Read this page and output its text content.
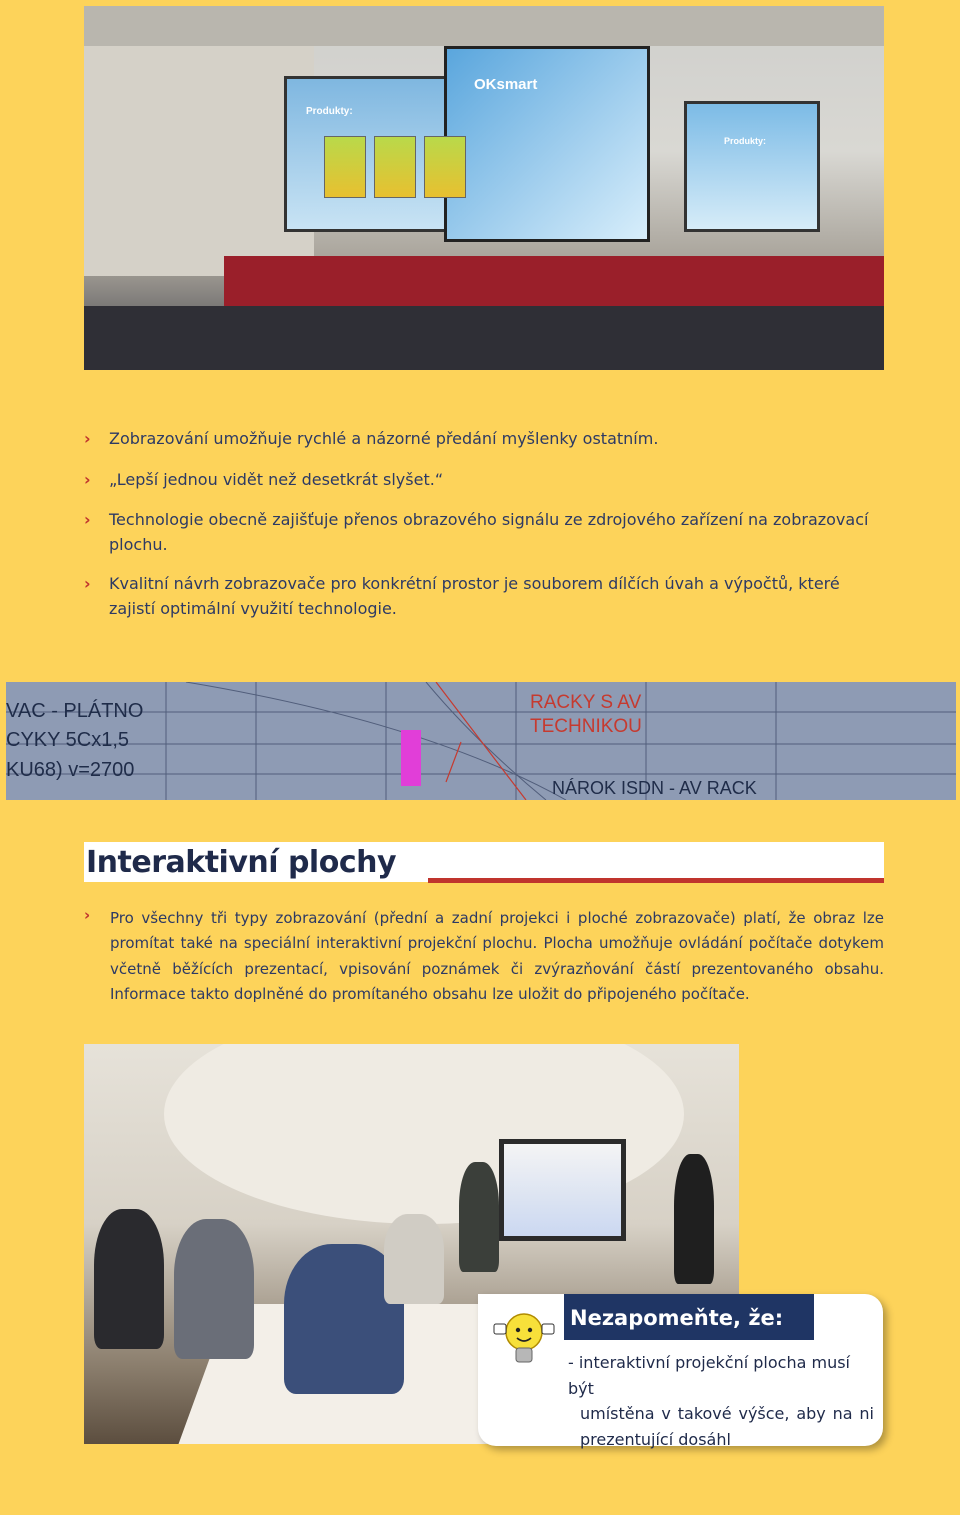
OKsmart
Produkty:
Produkty:
›	Zobrazování umožňuje rychlé a názorné předání myšlenky ostatním.
›	„Lepší jednou vidět než desetkrát slyšet.“
›	Technologie obecně zajišťuje přenos obrazového signálu ze zdrojového zařízení na zobrazovací plochu.
›	Kvalitní návrh zobrazovače pro konkrétní prostor je souborem dílčích úvah a výpočtů, které zajistí optimální využití technologie.
VAC - PLÁTNO
CYKY 5Cx1,5
KU68) v=2700
RACKY S AV
TECHNIKOU
NÁROK ISDN - AV RACK
Interaktivní plochy
›	Pro všechny tři typy zobrazování (přední a zadní projekci i ploché zobrazovače) platí, že obraz lze promítat také na speciální interaktivní projekční plochu. Plocha umožňuje ovládání počítače dotykem včetně běžících prezentací, vpisování poznámek či zvýrazňování částí prezentovaného obsahu. Informace takto doplněné do promítaného obsahu lze uložit do připojeného počítače.
Nezapomeňte, že:
- interaktivní projekční plocha musí být
umístěna v takové výšce, aby na ni prezentující dosáhl
